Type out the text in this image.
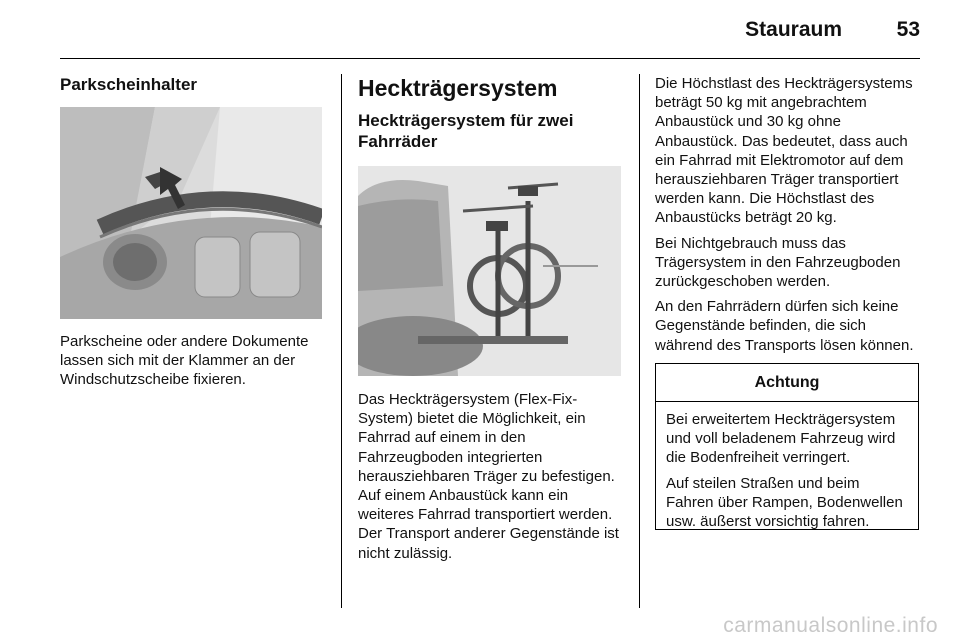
Stauraum	53
Parkscheinhalter
Parkscheine oder andere Dokumente lassen sich mit der Klammer an der Windschutzscheibe fixieren.
Heckträgersystem
Heckträgersystem für zwei Fahrräder
Das Heckträgersystem (Flex-Fix-System) bietet die Möglichkeit, ein Fahrrad auf einem in den Fahrzeugboden integrierten herausziehbaren Träger zu befestigen. Auf einem Anbaustück kann ein weiteres Fahrrad transportiert werden. Der Transport anderer Gegenstände ist nicht zulässig.
Die Höchstlast des Heckträgersystems beträgt 50 kg mit angebrachtem Anbaustück und 30 kg ohne Anbaustück. Das bedeutet, dass auch ein Fahrrad mit Elektromotor auf dem herausziehbaren Träger transportiert werden kann. Die Höchstlast des Anbaustücks beträgt 20 kg.
Bei Nichtgebrauch muss das Trägersystem in den Fahrzeugboden zurückgeschoben werden.
An den Fahrrädern dürfen sich keine Gegenstände befinden, die sich während des Transports lösen können.
Achtung
Bei erweitertem Heckträgersystem und voll beladenem Fahrzeug wird die Bodenfreiheit verringert.
Auf steilen Straßen und beim Fahren über Rampen, Bodenwellen usw. äußerst vorsichtig fahren.
carmanualsonline.info
